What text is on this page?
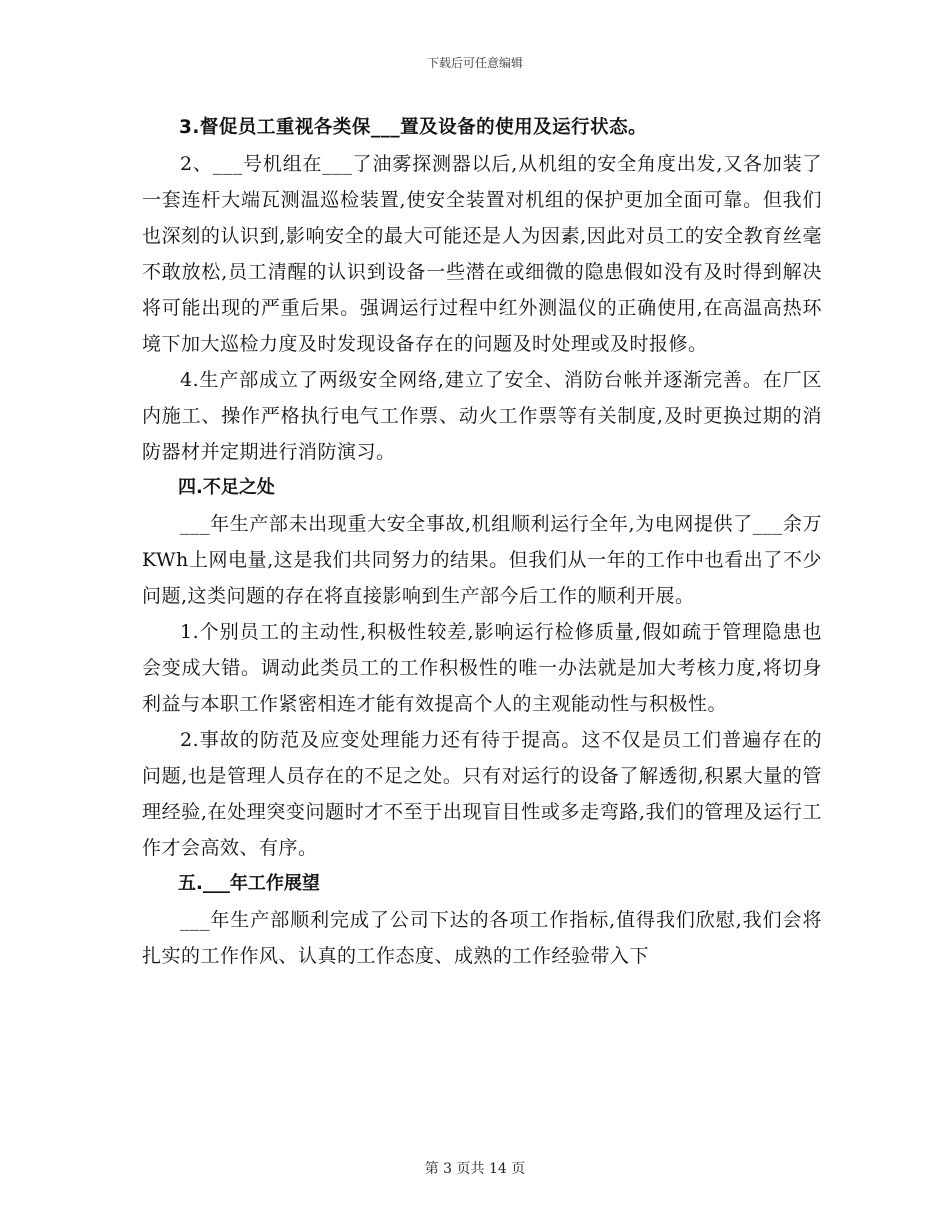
下载后可任意编辑

3.督促员工重视各类保___置及设备的使用及运行状态。

2、___号机组在___了油雾探测器以后,从机组的安全角度出发,又各加装了一套连杆大端瓦测温巡检装置,使安全装置对机组的保护更加全面可靠。但我们也深刻的认识到,影响安全的最大可能还是人为因素,因此对员工的安全教育丝毫不敢放松,员工清醒的认识到设备一些潜在或细微的隐患假如没有及时得到解决将可能出现的严重后果。强调运行过程中红外测温仪的正确使用,在高温高热环境下加大巡检力度及时发现设备存在的问题及时处理或及时报修。

4.生产部成立了两级安全网络,建立了安全、消防台帐并逐渐完善。在厂区内施工、操作严格执行电气工作票、动火工作票等有关制度,及时更换过期的消防器材并定期进行消防演习。

四.不足之处

___年生产部未出现重大安全事故,机组顺利运行全年,为电网提供了___余万KWh上网电量,这是我们共同努力的结果。但我们从一年的工作中也看出了不少问题,这类问题的存在将直接影响到生产部今后工作的顺利开展。

1.个别员工的主动性,积极性较差,影响运行检修质量,假如疏于管理隐患也会变成大错。调动此类员工的工作积极性的唯一办法就是加大考核力度,将切身利益与本职工作紧密相连才能有效提高个人的主观能动性与积极性。

2.事故的防范及应变处理能力还有待于提高。这不仅是员工们普遍存在的问题,也是管理人员存在的不足之处。只有对运行的设备了解透彻,积累大量的管理经验,在处理突变问题时才不至于出现盲目性或多走弯路,我们的管理及运行工作才会高效、有序。

五.___年工作展望

___年生产部顺利完成了公司下达的各项工作指标,值得我们欣慰,我们会将扎实的工作作风、认真的工作态度、成熟的工作经验带入下

第 3 页共 14 页
